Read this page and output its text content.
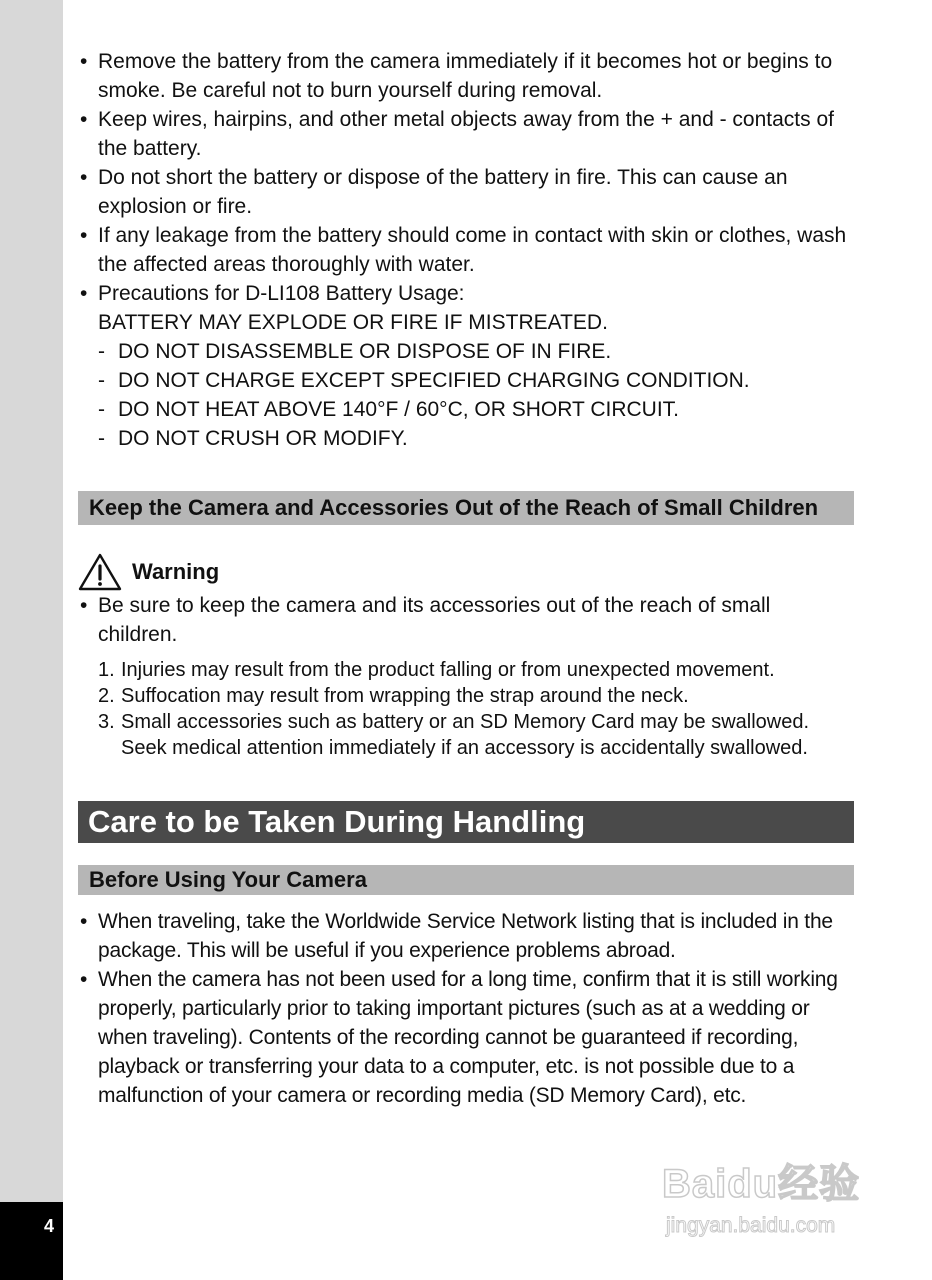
4
• Remove the battery from the camera immediately if it becomes hot or begins to smoke. Be careful not to burn yourself during removal.
• Keep wires, hairpins, and other metal objects away from the + and - contacts of the battery.
• Do not short the battery or dispose of the battery in fire. This can cause an explosion or fire.
• If any leakage from the battery should come in contact with skin or clothes, wash the affected areas thoroughly with water.
• Precautions for D-LI108 Battery Usage:
BATTERY MAY EXPLODE OR FIRE IF MISTREATED.
- DO NOT DISASSEMBLE OR DISPOSE OF IN FIRE.
- DO NOT CHARGE EXCEPT SPECIFIED CHARGING CONDITION.
- DO NOT HEAT ABOVE 140°F / 60°C, OR SHORT CIRCUIT.
- DO NOT CRUSH OR MODIFY.
Keep the Camera and Accessories Out of the Reach of Small Children
Warning
• Be sure to keep the camera and its accessories out of the reach of small children.
1. Injuries may result from the product falling or from unexpected movement.
2. Suffocation may result from wrapping the strap around the neck.
3. Small accessories such as battery or an SD Memory Card may be swallowed. Seek medical attention immediately if an accessory is accidentally swallowed.
Care to be Taken During Handling
Before Using Your Camera
• When traveling, take the Worldwide Service Network listing that is included in the package. This will be useful if you experience problems abroad.
• When the camera has not been used for a long time, confirm that it is still working properly, particularly prior to taking important pictures (such as at a wedding or when traveling). Contents of the recording cannot be guaranteed if recording, playback or transferring your data to a computer, etc. is not possible due to a malfunction of your camera or recording media (SD Memory Card), etc.
Baidu经验
jingyan.baidu.com
